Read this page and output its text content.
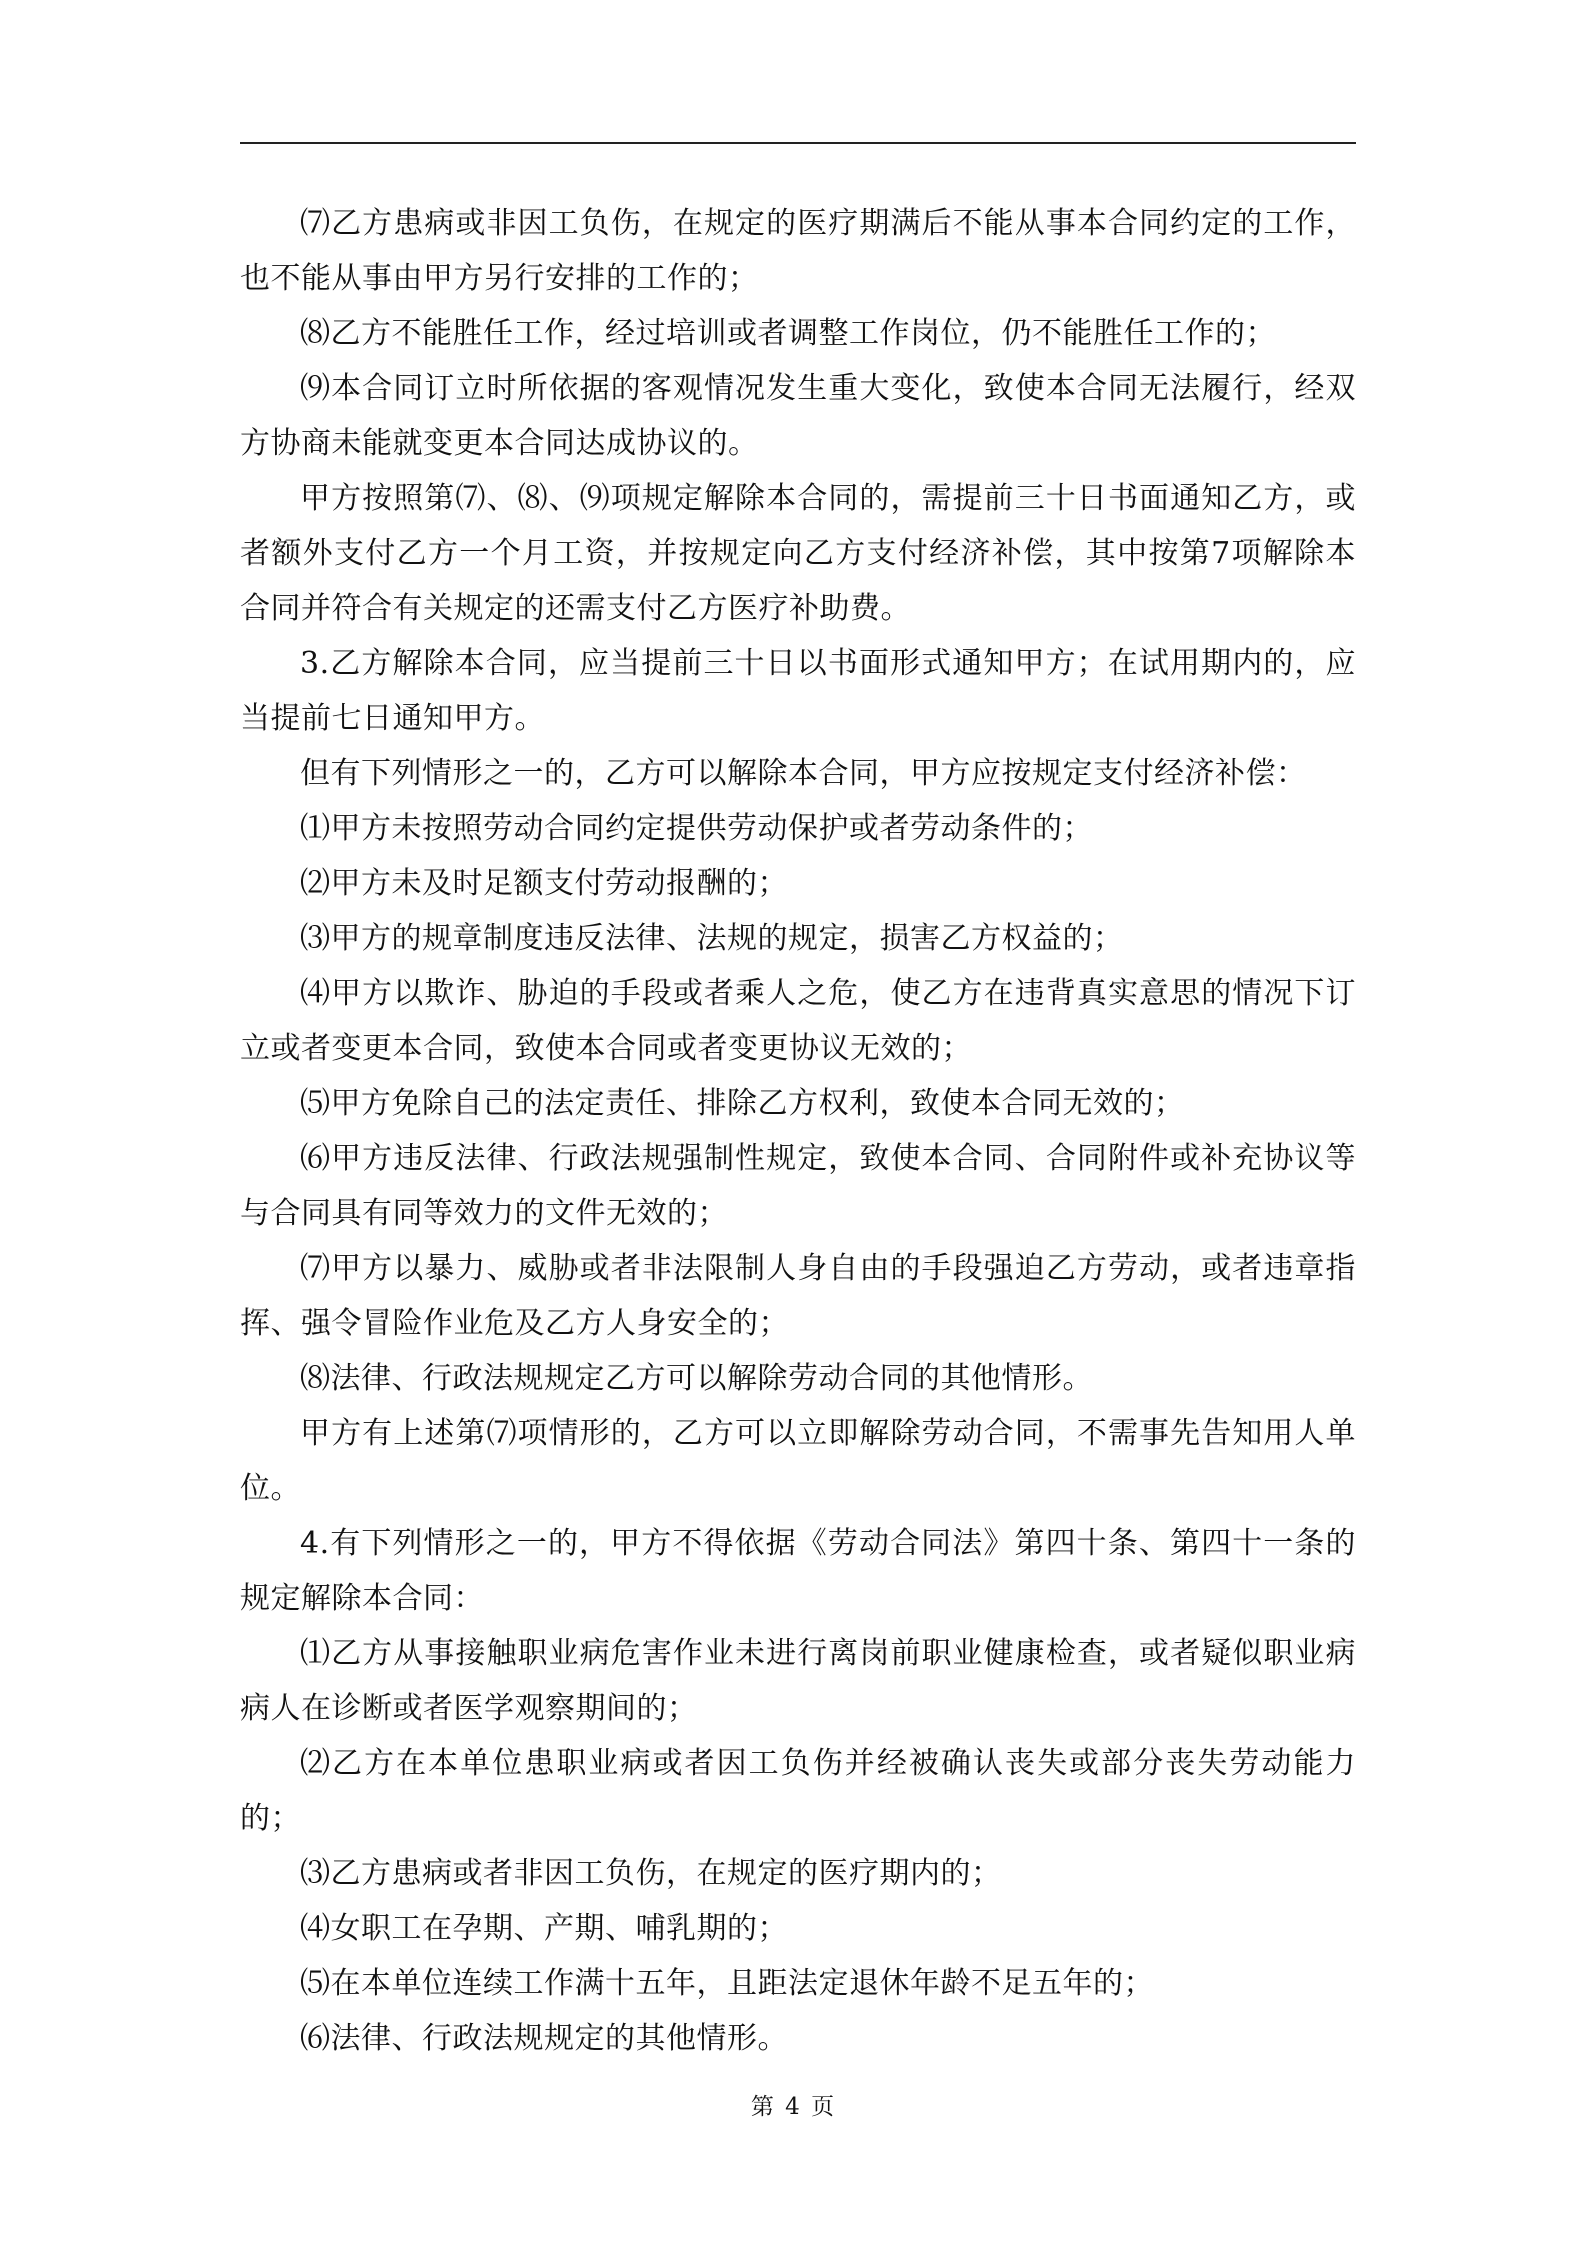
⑺乙方患病或非因工负伤，在规定的医疗期满后不能从事本合同约定的工作，也不能从事由甲方另行安排的工作的；

⑻乙方不能胜任工作，经过培训或者调整工作岗位，仍不能胜任工作的；

⑼本合同订立时所依据的客观情况发生重大变化，致使本合同无法履行，经双方协商未能就变更本合同达成协议的。

甲方按照第⑺、⑻、⑼项规定解除本合同的，需提前三十日书面通知乙方，或者额外支付乙方一个月工资，并按规定向乙方支付经济补偿，其中按第7项解除本合同并符合有关规定的还需支付乙方医疗补助费。

3.乙方解除本合同，应当提前三十日以书面形式通知甲方；在试用期内的，应当提前七日通知甲方。

但有下列情形之一的，乙方可以解除本合同，甲方应按规定支付经济补偿：

⑴甲方未按照劳动合同约定提供劳动保护或者劳动条件的；

⑵甲方未及时足额支付劳动报酬的；

⑶甲方的规章制度违反法律、法规的规定，损害乙方权益的；

⑷甲方以欺诈、胁迫的手段或者乘人之危，使乙方在违背真实意思的情况下订立或者变更本合同，致使本合同或者变更协议无效的；

⑸甲方免除自己的法定责任、排除乙方权利，致使本合同无效的；

⑹甲方违反法律、行政法规强制性规定，致使本合同、合同附件或补充协议等与合同具有同等效力的文件无效的；

⑺甲方以暴力、威胁或者非法限制人身自由的手段强迫乙方劳动，或者违章指挥、强令冒险作业危及乙方人身安全的；

⑻法律、行政法规规定乙方可以解除劳动合同的其他情形。

甲方有上述第⑺项情形的，乙方可以立即解除劳动合同，不需事先告知用人单位。

4.有下列情形之一的，甲方不得依据《劳动合同法》第四十条、第四十一条的规定解除本合同：

⑴乙方从事接触职业病危害作业未进行离岗前职业健康检查，或者疑似职业病病人在诊断或者医学观察期间的；

⑵乙方在本单位患职业病或者因工负伤并经被确认丧失或部分丧失劳动能力的；

⑶乙方患病或者非因工负伤，在规定的医疗期内的；

⑷女职工在孕期、产期、哺乳期的；

⑸在本单位连续工作满十五年，且距法定退休年龄不足五年的；

⑹法律、行政法规规定的其他情形。

第 4 页
